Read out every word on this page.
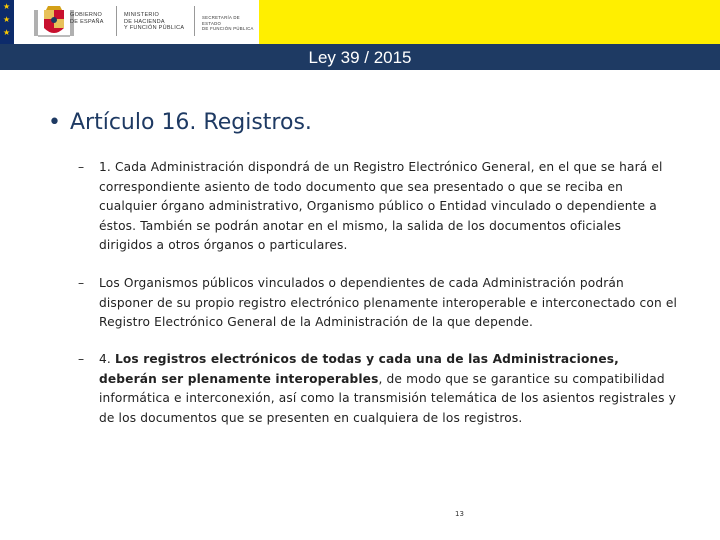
★
★
★
GOBIERNO
DE ESPAÑA
MINISTERIO
DE HACIENDA
Y FUNCIÓN PÚBLICA
SECRETARÍA DE ESTADO
DE FUNCIÓN PÚBLICA
Ley 39 / 2015
• Artículo 16. Registros.
– 1. Cada Administración dispondrá de un Registro Electrónico General, en el que se hará el correspondiente asiento de todo documento que sea presentado o que se reciba en cualquier órgano administrativo, Organismo público o Entidad vinculado o dependiente a éstos. También se podrán anotar en el mismo, la salida de los documentos oficiales dirigidos a otros órganos o particulares.
– Los Organismos públicos vinculados o dependientes de cada Administración podrán disponer de su propio registro electrónico plenamente interoperable e interconectado con el Registro Electrónico General de la Administración de la que depende.
– 4. Los registros electrónicos de todas y cada una de las Administraciones, deberán ser plenamente interoperables, de modo que se garantice su compatibilidad informática e interconexión, así como la transmisión telemática de los asientos registrales y de los documentos que se presenten en cualquiera de los registros.
13
